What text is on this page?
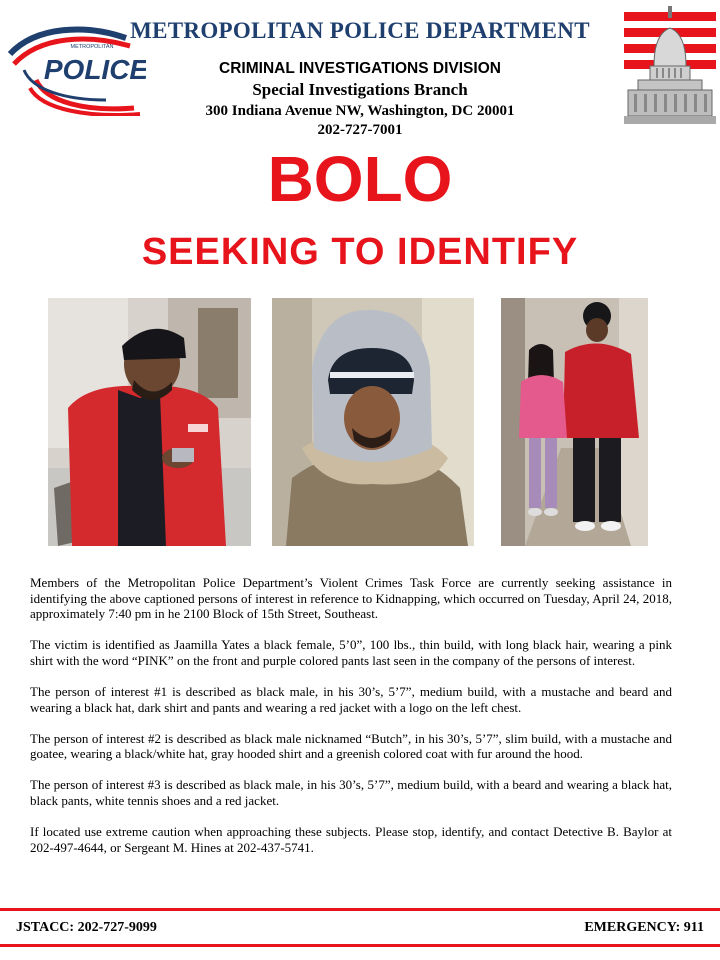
METROPOLITAN
POLICE
METROPOLITAN POLICE DEPARTMENT
CRIMINAL INVESTIGATIONS DIVISION
Special Investigations Branch
300 Indiana Avenue NW, Washington, DC 20001
202-727-7001
BOLO
SEEKING TO IDENTIFY

Members of the Metropolitan Police Department’s Violent Crimes Task Force are currently seeking assistance in identifying the above captioned persons of interest in reference to Kidnapping, which occurred on Tuesday, April 24, 2018, approximately 7:40 pm in he 2100 Block of 15th Street, Southeast.

The victim is identified as Jaamilla Yates a black female, 5’0”, 100 lbs., thin build, with long black hair, wearing a pink shirt with the word “PINK” on the front and purple colored pants last seen in the company of the persons of interest.

The person of interest #1 is described as black male, in his 30’s, 5’7”, medium build, with a mustache and beard and wearing a black hat, dark shirt and pants and wearing a red jacket with a logo on the left chest.

The person of interest #2 is described as black male nicknamed “Butch”, in his 30’s, 5’7”, slim build, with a mustache and goatee, wearing a black/white hat, gray hooded shirt and a greenish colored coat with fur around the hood.

The person of interest #3 is described as black male, in his 30’s, 5’7”, medium build, with a beard and wearing a black hat, black pants, white tennis shoes and a red jacket.

If located use extreme caution when approaching these subjects. Please stop, identify, and contact Detective B. Baylor at 202-497-4644, or Sergeant M. Hines at 202-437-5741.

JSTACC: 202-727-9099	EMERGENCY: 911
